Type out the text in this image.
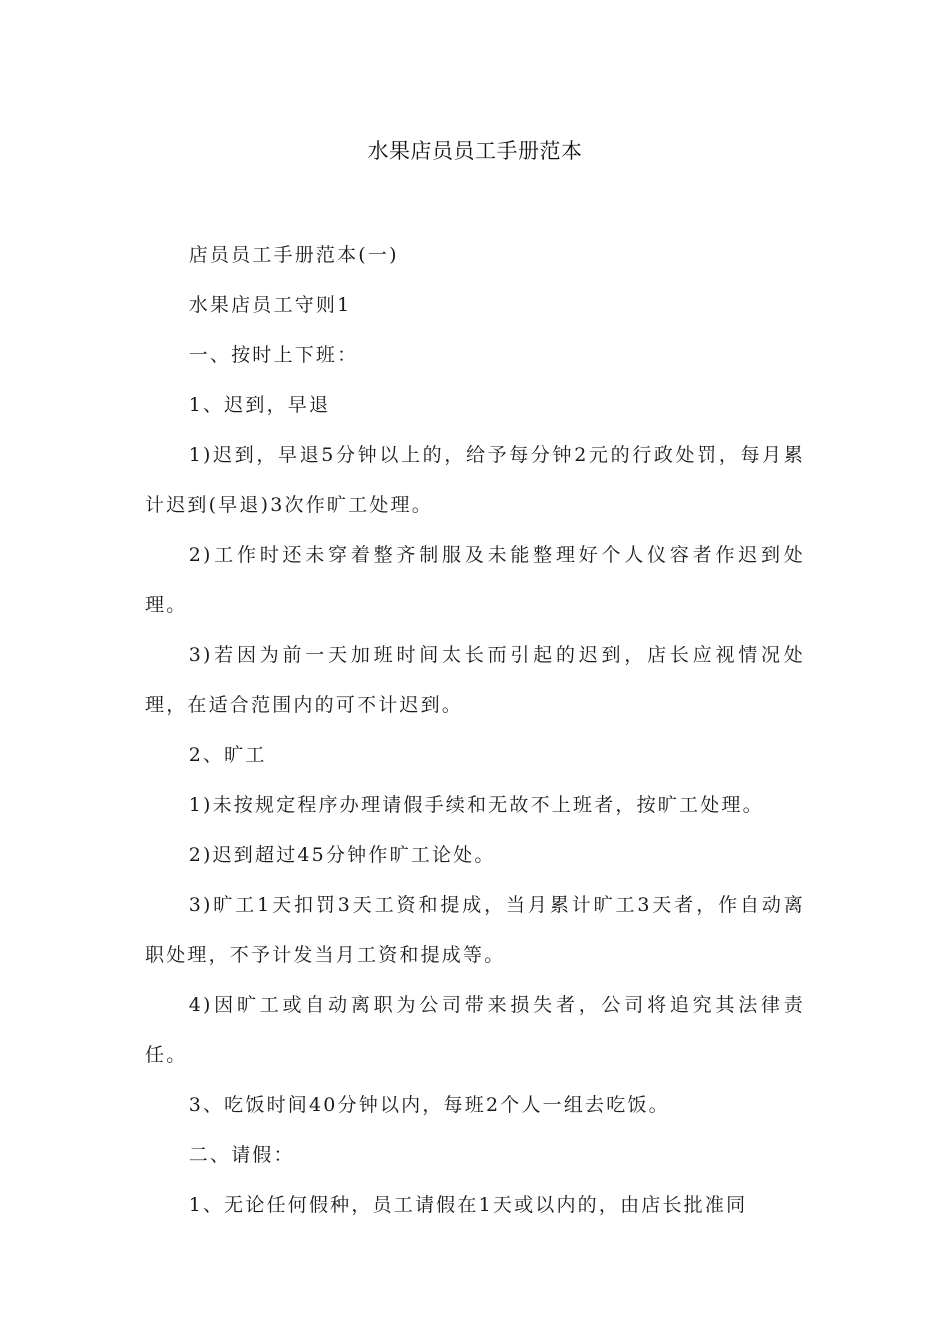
水果店员员工手册范本

店员员工手册范本(一)

水果店员工守则1

一、按时上下班：

1、迟到，早退

1)迟到，早退5分钟以上的，给予每分钟2元的行政处罚，每月累计迟到(早退)3次作旷工处理。

2)工作时还未穿着整齐制服及未能整理好个人仪容者作迟到处理。

3)若因为前一天加班时间太长而引起的迟到，店长应视情况处理，在适合范围内的可不计迟到。

2、旷工

1)未按规定程序办理请假手续和无故不上班者，按旷工处理。

2)迟到超过45分钟作旷工论处。

3)旷工1天扣罚3天工资和提成，当月累计旷工3天者，作自动离职处理，不予计发当月工资和提成等。

4)因旷工或自动离职为公司带来损失者，公司将追究其法律责任。

3、吃饭时间40分钟以内，每班2个人一组去吃饭。

二、请假：

1、无论任何假种，员工请假在1天或以内的，由店长批准同
